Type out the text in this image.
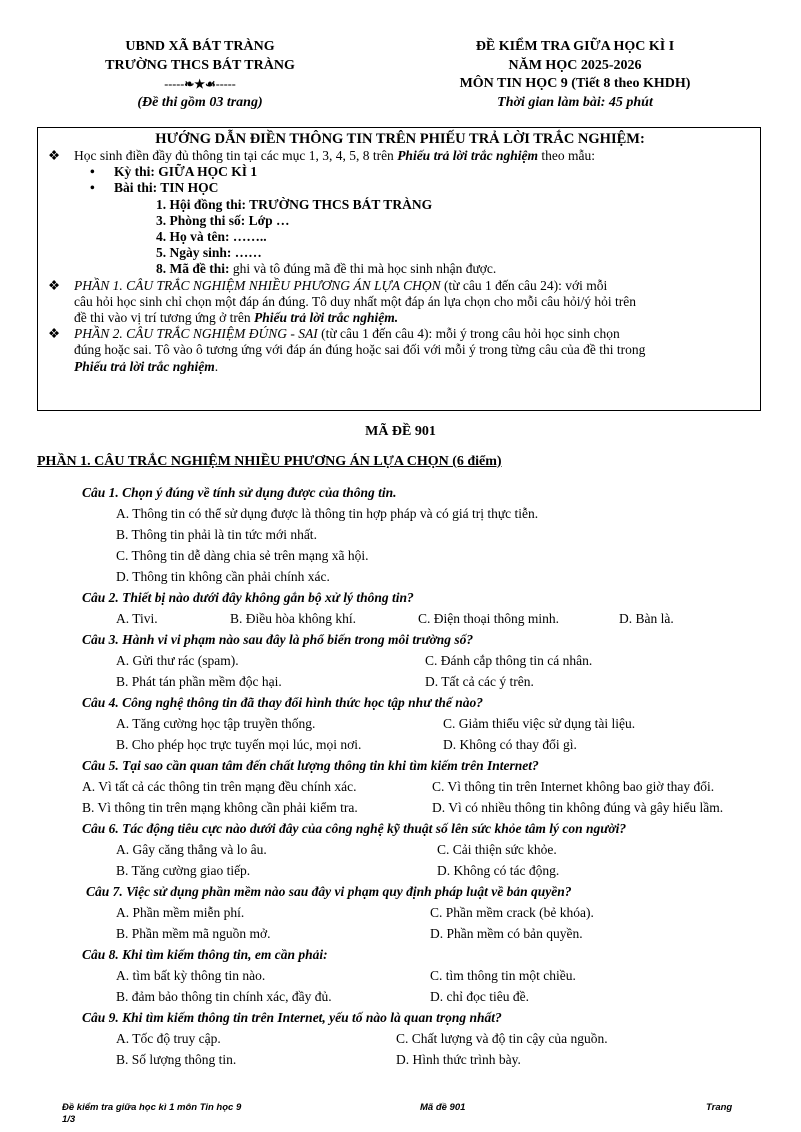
UBND XÃ BÁT TRÀNG
TRƯỜNG THCS BÁT TRÀNG
-----❧★☙-----
(Đề thi gồm 03 trang)
ĐỀ KIỂM TRA GIỮA HỌC KÌ I
NĂM HỌC 2025-2026
MÔN TIN HỌC 9 (Tiết 8 theo KHDH)
Thời gian làm bài: 45 phút
HƯỚNG DẪN ĐIỀN THÔNG TIN TRÊN PHIẾU TRẢ LỜI TRẮC NGHIỆM:
❖ Học sinh điền đầy đủ thông tin tại các mục 1, 3, 4, 5, 8 trên Phiếu trả lời trắc nghiệm theo mẫu:
• Kỳ thi: GIỮA HỌC KÌ 1
• Bài thi: TIN HỌC
1. Hội đồng thi: TRƯỜNG THCS BÁT TRÀNG
3. Phòng thi số: Lớp …
4. Họ và tên: ……..
5. Ngày sinh: ……
8. Mã đề thi: ghi và tô đúng mã đề thi mà học sinh nhận được.
❖ PHẦN 1. CÂU TRẮC NGHIỆM NHIỀU PHƯƠNG ÁN LỰA CHỌN (từ câu 1 đến câu 24): với mỗi
câu hỏi học sinh chỉ chọn một đáp án đúng. Tô duy nhất một đáp án lựa chọn cho mỗi câu hỏi/ý hỏi trên
đề thi vào vị trí tương ứng ở trên Phiếu trả lời trắc nghiệm.
❖ PHẦN 2. CÂU TRẮC NGHIỆM ĐÚNG - SAI (từ câu 1 đến câu 4): mỗi ý trong câu hỏi học sinh chọn
đúng hoặc sai. Tô vào ô tương ứng với đáp án đúng hoặc sai đối với mỗi ý trong từng câu của đề thi trong
Phiếu trả lời trắc nghiệm.
MÃ ĐỀ 901
PHẦN 1. CÂU TRẮC NGHIỆM NHIỀU PHƯƠNG ÁN LỰA CHỌN (6 điểm)
Câu 1. Chọn ý đúng về tính sử dụng được của thông tin.
A. Thông tin có thể sử dụng được là thông tin hợp pháp và có giá trị thực tiễn.
B. Thông tin phải là tin tức mới nhất.
C. Thông tin dễ dàng chia sẻ trên mạng xã hội.
D. Thông tin không cần phải chính xác.
Câu 2. Thiết bị nào dưới đây không gắn bộ xử lý thông tin?
A. Tivi.	B. Điều hòa không khí.	C. Điện thoại thông minh.	D. Bàn là.
Câu 3. Hành vi vi phạm nào sau đây là phổ biến trong môi trường số?
A. Gửi thư rác (spam).	C. Đánh cắp thông tin cá nhân.
B. Phát tán phần mềm độc hại.	D. Tất cả các ý trên.
Câu 4. Công nghệ thông tin đã thay đổi hình thức học tập như thế nào?
A. Tăng cường học tập truyền thống.	C. Giảm thiểu việc sử dụng tài liệu.
B. Cho phép học trực tuyến mọi lúc, mọi nơi.	D. Không có thay đổi gì.
Câu 5. Tại sao cần quan tâm đến chất lượng thông tin khi tìm kiếm trên Internet?
A. Vì tất cả các thông tin trên mạng đều chính xác.	C. Vì thông tin trên Internet không bao giờ thay đổi.
B. Vì thông tin trên mạng không cần phải kiểm tra.	D. Vì có nhiều thông tin không đúng và gây hiểu lầm.
Câu 6. Tác động tiêu cực nào dưới đây của công nghệ kỹ thuật số lên sức khỏe tâm lý con người?
A. Gây căng thẳng và lo âu.	C. Cải thiện sức khỏe.
B. Tăng cường giao tiếp.	D. Không có tác động.
Câu 7. Việc sử dụng phần mềm nào sau đây vi phạm quy định pháp luật về bản quyền?
A. Phần mềm miễn phí.	C. Phần mềm crack (bẻ khóa).
B. Phần mềm mã nguồn mở.	D. Phần mềm có bản quyền.
Câu 8. Khi tìm kiếm thông tin, em cần phải:
A. tìm bất kỳ thông tin nào.	C. tìm thông tin một chiều.
B. đảm bảo thông tin chính xác, đầy đủ.	D. chỉ đọc tiêu đề.
Câu 9. Khi tìm kiếm thông tin trên Internet, yếu tố nào là quan trọng nhất?
A. Tốc độ truy cập.	C. Chất lượng và độ tin cậy của nguồn.
B. Số lượng thông tin.	D. Hình thức trình bày.
Đề kiểm tra giữa học kì 1 môn Tin học 9
1/3
Mã đề 901	Trang
